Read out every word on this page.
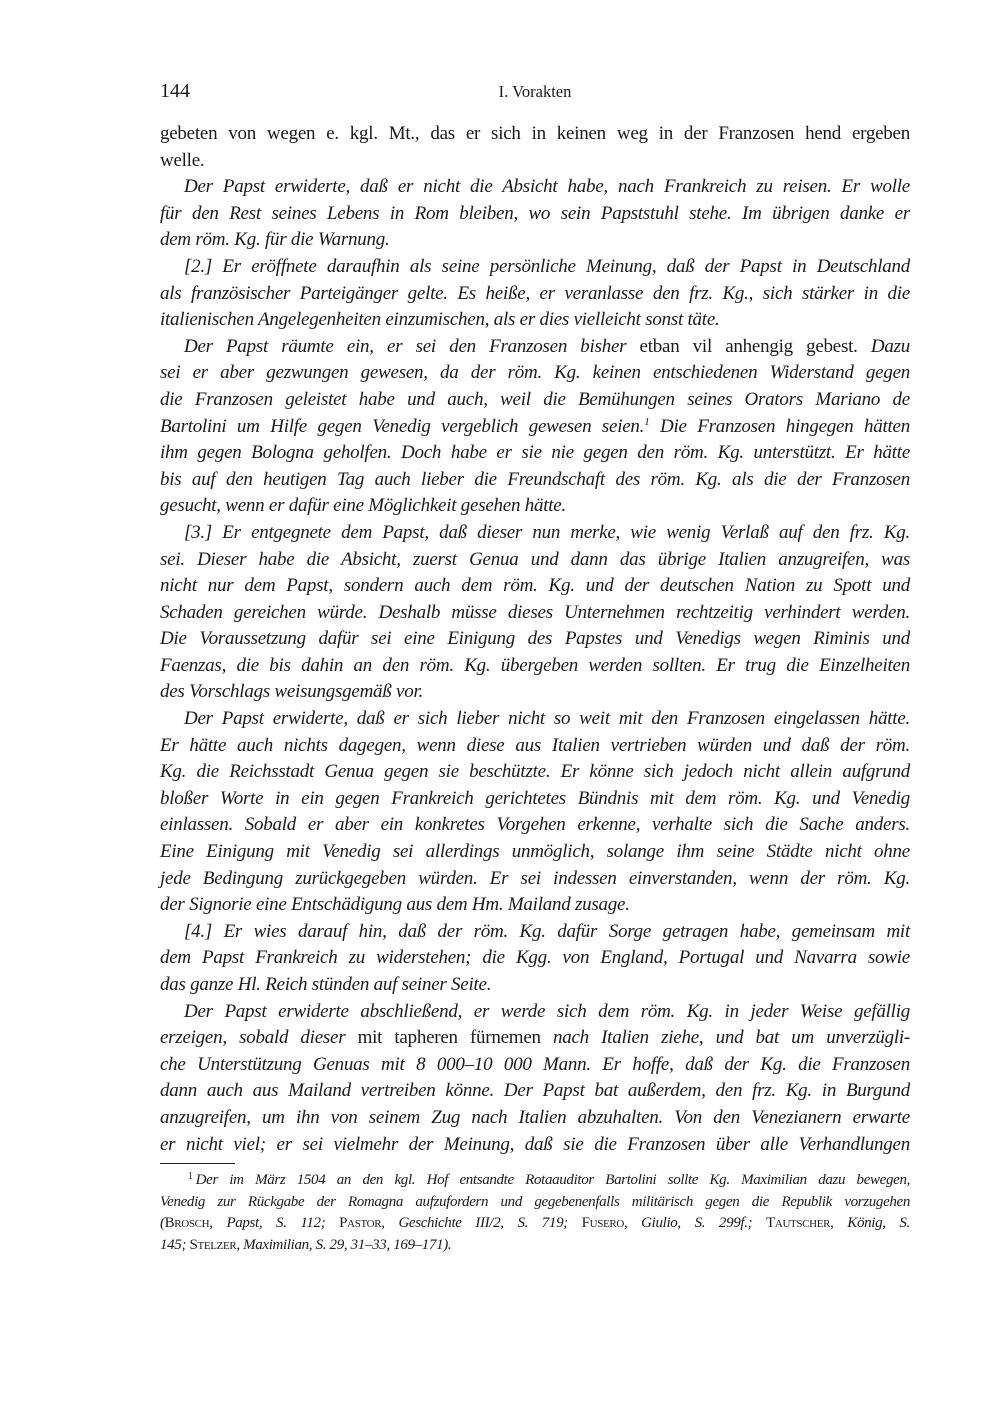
144	I. Vorakten
gebeten von wegen e. kgl. Mt., das er sich in keinen weg in der Franzosen hend ergeben
welle.
Der Papst erwiderte, daß er nicht die Absicht habe, nach Frankreich zu reisen. Er wolle
für den Rest seines Lebens in Rom bleiben, wo sein Papststuhl stehe. Im übrigen danke er
dem röm. Kg. für die Warnung.
[2.] Er eröffnete daraufhin als seine persönliche Meinung, daß der Papst in Deutschland
als französischer Parteigänger gelte. Es heiße, er veranlasse den frz. Kg., sich stärker in die
italienischen Angelegenheiten einzumischen, als er dies vielleicht sonst täte.
Der Papst räumte ein, er sei den Franzosen bisher etban vil anhengig gebest. Dazu
sei er aber gezwungen gewesen, da der röm. Kg. keinen entschiedenen Widerstand gegen
die Franzosen geleistet habe und auch, weil die Bemühungen seines Orators Mariano de
Bartolini um Hilfe gegen Venedig vergeblich gewesen seien.$^1$ Die Franzosen hingegen hätten
ihm gegen Bologna geholfen. Doch habe er sie nie gegen den röm. Kg. unterstützt. Er hätte
bis auf den heutigen Tag auch lieber die Freundschaft des röm. Kg. als die der Franzosen
gesucht, wenn er dafür eine Möglichkeit gesehen hätte.
[3.] Er entgegnete dem Papst, daß dieser nun merke, wie wenig Verlaß auf den frz. Kg.
sei. Dieser habe die Absicht, zuerst Genua und dann das übrige Italien anzugreifen, was
nicht nur dem Papst, sondern auch dem röm. Kg. und der deutschen Nation zu Spott und
Schaden gereichen würde. Deshalb müsse dieses Unternehmen rechtzeitig verhindert werden.
Die Voraussetzung dafür sei eine Einigung des Papstes und Venedigs wegen Riminis und
Faenzas, die bis dahin an den röm. Kg. übergeben werden sollten. Er trug die Einzelheiten
des Vorschlags weisungsgemäß vor.
Der Papst erwiderte, daß er sich lieber nicht so weit mit den Franzosen eingelassen hätte.
Er hätte auch nichts dagegen, wenn diese aus Italien vertrieben würden und daß der röm.
Kg. die Reichsstadt Genua gegen sie beschützte. Er könne sich jedoch nicht allein aufgrund
bloßer Worte in ein gegen Frankreich gerichtetes Bündnis mit dem röm. Kg. und Venedig
einlassen. Sobald er aber ein konkretes Vorgehen erkenne, verhalte sich die Sache anders.
Eine Einigung mit Venedig sei allerdings unmöglich, solange ihm seine Städte nicht ohne
jede Bedingung zurückgegeben würden. Er sei indessen einverstanden, wenn der röm. Kg.
der Signorie eine Entschädigung aus dem Hm. Mailand zusage.
[4.] Er wies darauf hin, daß der röm. Kg. dafür Sorge getragen habe, gemeinsam mit
dem Papst Frankreich zu widerstehen; die Kgg. von England, Portugal und Navarra sowie
das ganze Hl. Reich stünden auf seiner Seite.
Der Papst erwiderte abschließend, er werde sich dem röm. Kg. in jeder Weise gefällig
erzeigen, sobald dieser mit tapheren fürnemen nach Italien ziehe, und bat um unverzügli-
che Unterstützung Genuas mit 8 000–10 000 Mann. Er hoffe, daß der Kg. die Franzosen
dann auch aus Mailand vertreiben könne. Der Papst bat außerdem, den frz. Kg. in Burgund
anzugreifen, um ihn von seinem Zug nach Italien abzuhalten. Von den Venezianern erwarte
er nicht viel; er sei vielmehr der Meinung, daß sie die Franzosen über alle Verhandlungen
$^1$ Der im März 1504 an den kgl. Hof entsandte Rotaauditor Bartolini sollte Kg. Maximilian dazu bewegen,
Venedig zur Rückgabe der Romagna aufzufordern und gegebenenfalls militärisch gegen die Republik vorzugehen
(Brosch, Papst, S. 112; Pastor, Geschichte III/2, S. 719; Fusero, Giulio, S. 299f.; Tautscher, König, S.
145; Stelzer, Maximilian, S. 29, 31–33, 169–171).
